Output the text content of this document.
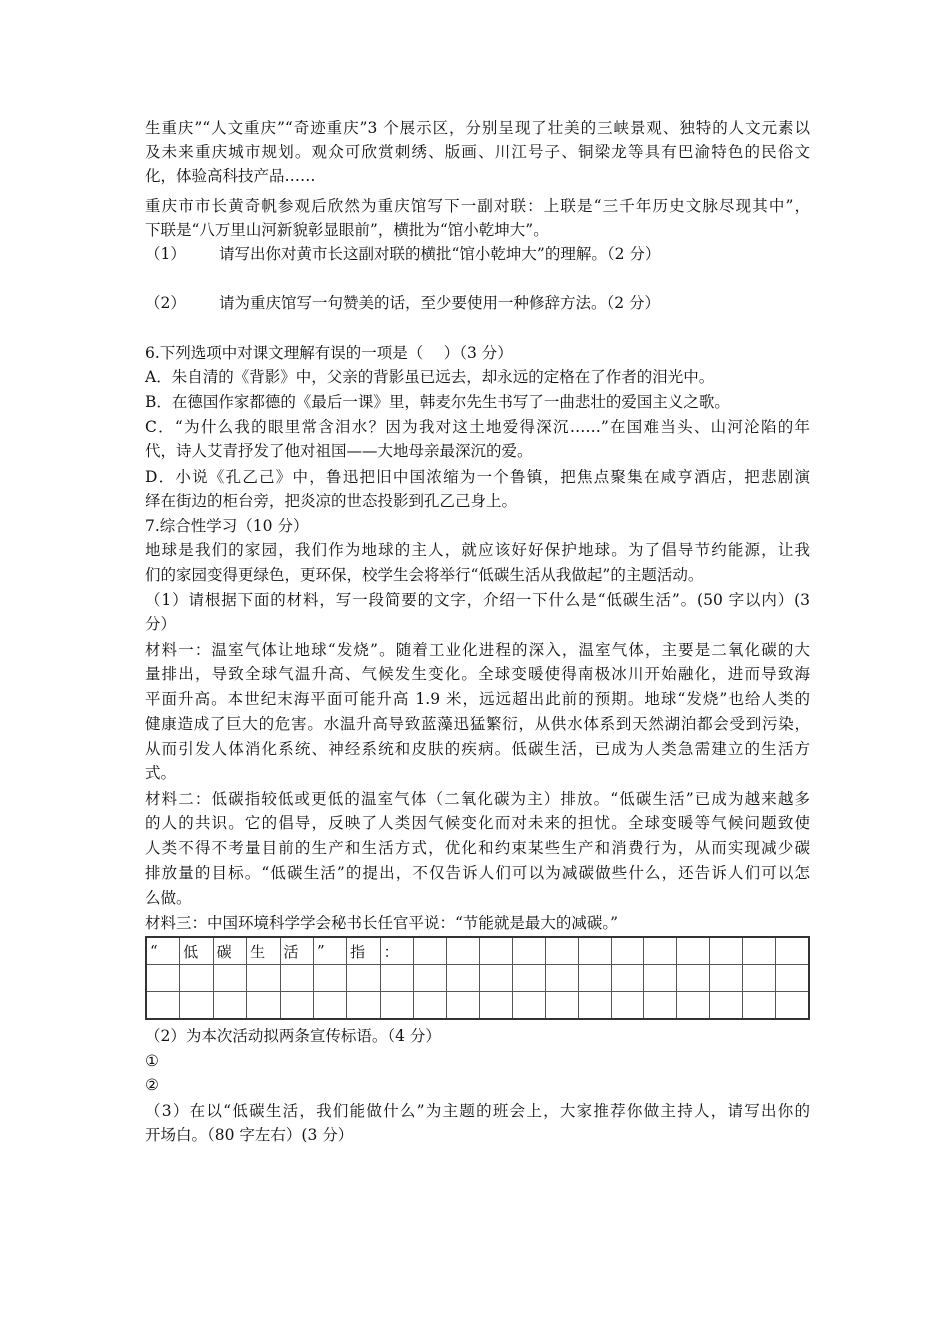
生重庆”“人文重庆”“奇迹重庆”3 个展示区，分别呈现了壮美的三峡景观、独特的人文元素以
及未来重庆城市规划。观众可欣赏刺绣、版画、川江号子、铜梁龙等具有巴渝特色的民俗文
化，体验高科技产品……
重庆市市长黄奇帆参观后欣然为重庆馆写下一副对联：上联是“三千年历史文脉尽现其中”，
下联是“八万里山河新貌彰显眼前”，横批为“馆小乾坤大”。
（1） 请写出你对黄市长这副对联的横批“馆小乾坤大”的理解。（2 分）
（2） 请为重庆馆写一句赞美的话，至少要使用一种修辞方法。（2 分）
6.下列选项中对课文理解有误的一项是（　 ）（3 分）
A．朱自清的《背影》中，父亲的背影虽已远去，却永远的定格在了作者的泪光中。
B．在德国作家都德的《最后一课》里，韩麦尔先生书写了一曲悲壮的爱国主义之歌。
C．“为什么我的眼里常含泪水？因为我对这土地爱得深沉……”在国难当头、山河沦陷的年
代，诗人艾青抒发了他对祖国——大地母亲最深沉的爱。
D．小说《孔乙己》中，鲁迅把旧中国浓缩为一个鲁镇，把焦点聚集在咸亨酒店，把悲剧演
绎在街边的柜台旁，把炎凉的世态投影到孔乙己身上。
7.综合性学习（10 分）
地球是我们的家园，我们作为地球的主人，就应该好好保护地球。为了倡导节约能源，让我
们的家园变得更绿色，更环保，校学生会将举行“低碳生活从我做起”的主题活动。
（1）请根据下面的材料，写一段简要的文字，介绍一下什么是“低碳生活”。(50 字以内）(3
分）
材料一：温室气体让地球“发烧”。随着工业化进程的深入，温室气体，主要是二氧化碳的大
量排出，导致全球气温升高、气候发生变化。全球变暖使得南极冰川开始融化，进而导致海
平面升高。本世纪末海平面可能升高 1.9 米，远远超出此前的预期。地球“发烧”也给人类的
健康造成了巨大的危害。水温升高导致蓝藻迅猛繁衍，从供水体系到天然湖泊都会受到污染，
从而引发人体消化系统、神经系统和皮肤的疾病。低碳生活，已成为人类急需建立的生活方
式。
材料二：低碳指较低或更低的温室气体（二氧化碳为主）排放。“低碳生活”已成为越来越多
的人的共识。它的倡导，反映了人类因气候变化而对未来的担忧。全球变暖等气候问题致使
人类不得不考量目前的生产和生活方式，优化和约束某些生产和消费行为，从而实现减少碳
排放量的目标。“低碳生活”的提出，不仅告诉人们可以为减碳做些什么，还告诉人们可以怎
么做。
材料三：中国环境科学学会秘书长任官平说：“节能就是最大的减碳。”
“	低	碳	生	活	”	指	：												

（2）为本次活动拟两条宣传标语。（4 分）
①
②
（3）在以“低碳生活，我们能做什么”为主题的班会上，大家推荐你做主持人，请写出你的
开场白。（80 字左右）(3 分）
